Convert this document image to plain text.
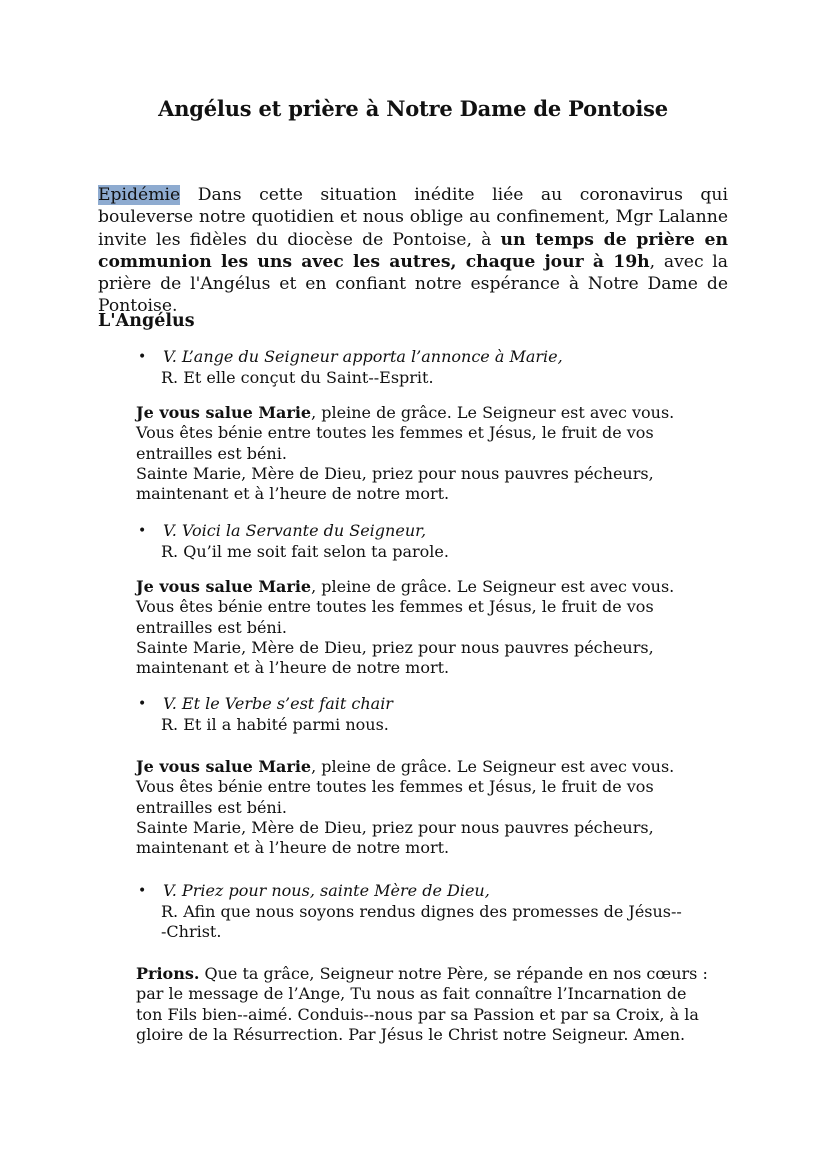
Angélus et prière à Notre Dame de Pontoise

Epidémie Dans cette situation inédite liée au coronavirus qui bouleverse notre quotidien et nous oblige au confinement, Mgr Lalanne invite les fidèles du diocèse de Pontoise, à un temps de prière en communion les uns avec les autres, chaque jour à 19h, avec la prière de l'Angélus et en confiant notre espérance à Notre Dame de Pontoise.

L'Angélus
•	V. L’ange du Seigneur apporta l’annonce à Marie,
R. Et elle conçut du Saint--Esprit.
Je vous salue Marie, pleine de grâce. Le Seigneur est avec vous.
Vous êtes bénie entre toutes les femmes et Jésus, le fruit de vos
entrailles est béni.
Sainte Marie, Mère de Dieu, priez pour nous pauvres pécheurs,
maintenant et à l’heure de notre mort.
•	V. Voici la Servante du Seigneur,
R. Qu’il me soit fait selon ta parole.
Je vous salue Marie, pleine de grâce. Le Seigneur est avec vous.
Vous êtes bénie entre toutes les femmes et Jésus, le fruit de vos
entrailles est béni.
Sainte Marie, Mère de Dieu, priez pour nous pauvres pécheurs,
maintenant et à l’heure de notre mort.
•	V. Et le Verbe s’est fait chair
R. Et il a habité parmi nous.
Je vous salue Marie, pleine de grâce. Le Seigneur est avec vous.
Vous êtes bénie entre toutes les femmes et Jésus, le fruit de vos
entrailles est béni.
Sainte Marie, Mère de Dieu, priez pour nous pauvres pécheurs,
maintenant et à l’heure de notre mort.
•	V. Priez pour nous, sainte Mère de Dieu,
R. Afin que nous soyons rendus dignes des promesses de Jésus--
-Christ.
Prions. Que ta grâce, Seigneur notre Père, se répande en nos cœurs :
par le message de l’Ange, Tu nous as fait connaître l’Incarnation de
ton Fils bien--aimé. Conduis--nous par sa Passion et par sa Croix, à la
gloire de la Résurrection. Par Jésus le Christ notre Seigneur. Amen.
